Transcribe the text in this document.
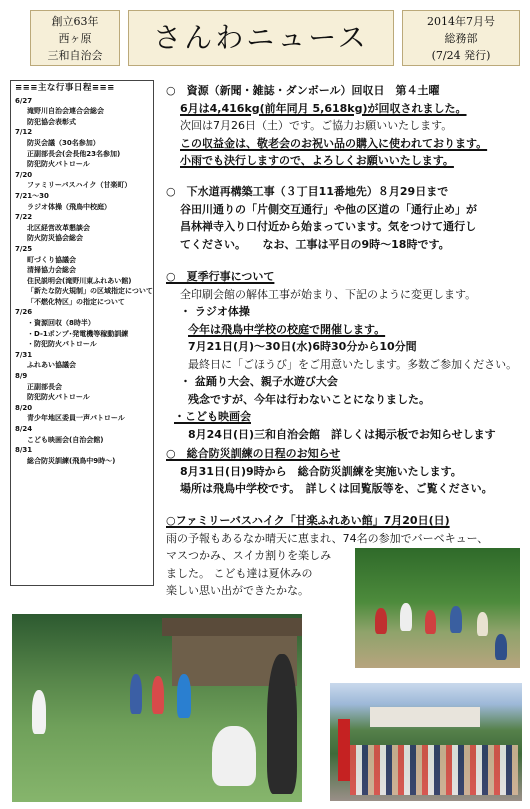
創立63年
西ヶ原
三和自治会
さんわニュース	2014年7月号
総務部
(7/24 発行)
≡≡≡主な行事日程≡≡≡
6/27
滝野川自治会連合会総会
防犯協会表彰式
7/12
防災会議（30名参加）
正副部長会(会長他23名参加)
防犯防火パトロール
7/20
ファミリーバスハイク（甘楽町）
7/21～30
ラジオ体操（飛鳥中校庭）
7/22
北区経営改革懇談会
防火防災協会総会
7/25
町づくり協議会
清掃協力会総会
住民説明会(滝野川東ふれあい館)
「新たな防火規制」の区域指定について
「不燃化特区」の指定について
7/26
・資源回収（8時半）
・D-1ポンプ･発電機等稼動訓練
・防犯防火パトロール
7/31
ふれあい協議会
8/9
正副部長会
防犯防火パトロール
8/20
青少年地区委員一声パトロール
8/24
こども映画会(自治会館)
8/31
総合防災訓練(飛鳥中9時～)
○　資源（新聞・雑誌・ダンボール）回収日　第４土曜
6月は4,416kg(前年同月 5,618kg)が回収されました。
次回は7月26日（土）です。ご協力お願いいたします。
この収益金は、敬老会のお祝い品の購入に使われております。
小雨でも決行しますので、よろしくお願いいたします。
○　下水道再構築工事（３丁目11番地先）８月29日まで
谷田川通りの「片側交互通行」や他の区道の「通行止め」が
昌林禅寺入り口付近から始まっています。気をつけて通行し
てください。　　なお、工事は平日の9時～18時です。
○　夏季行事について
全印刷会館の解体工事が始まり、下記のように変更します。
・ ラジオ体操
今年は飛鳥中学校の校庭で開催します。
7月21日(月)～30日(水)6時30分から10分間
最終日に「ごほうび」をご用意いたします。多数ご参加ください。
・ 盆踊り大会、親子水遊び大会
残念ですが、今年は行わないことになりました。
・こども映画会
8月24日(日)三和自治会館　詳しくは掲示板でお知らせします
○　総合防災訓練の日程のお知らせ
8月31日(日)9時から　総合防災訓練を実施いたします。
場所は飛鳥中学校です。　詳しくは回覧版等を、ご覧ください。
○ファミリーバスハイク「甘楽ふれあい館」7月20日(日)
雨の予報もあるなか晴天に恵まれ、74名の参加でバーベキュー、
マスつかみ、スイカ割りを楽しみ
ました。 こども達は夏休みの
楽しい思い出ができたかな。
